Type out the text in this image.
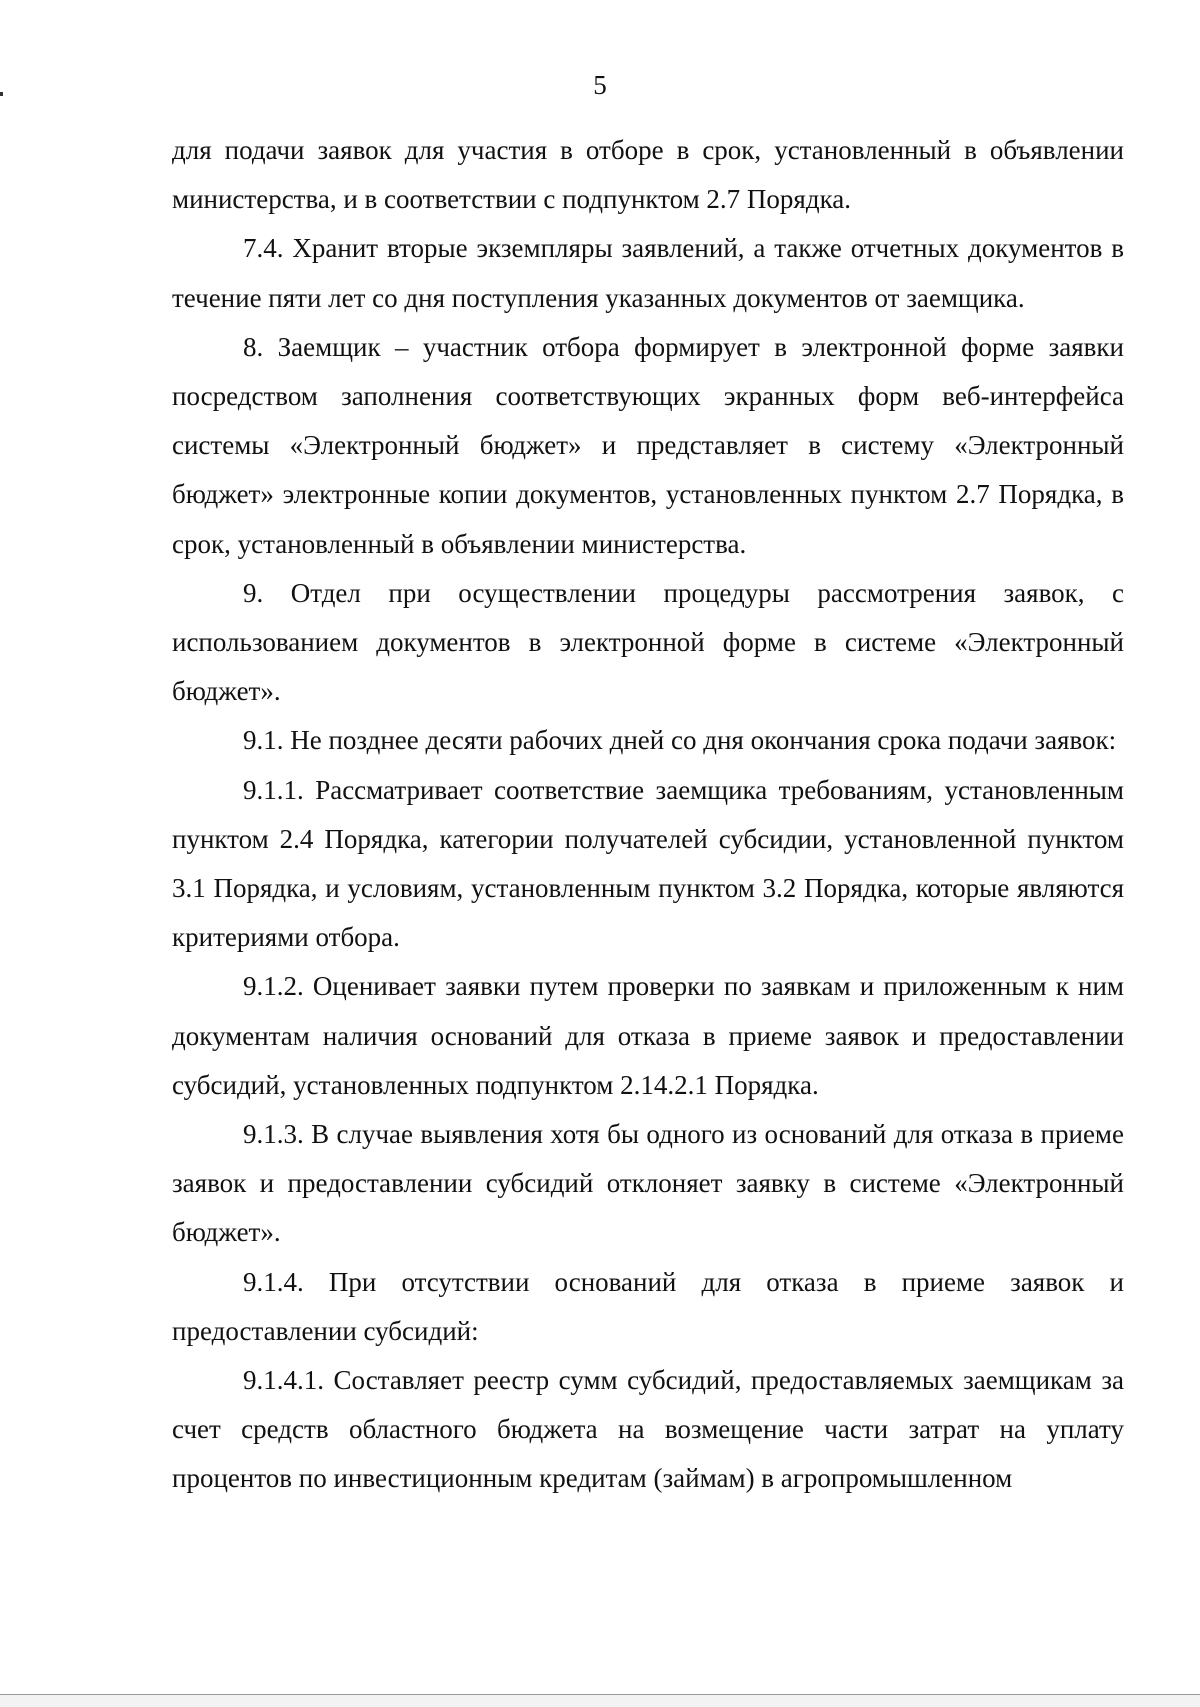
5

для подачи заявок для участия в отборе в срок, установленный в объявлении министерства, и в соответствии с подпунктом 2.7 Порядка.

7.4. Хранит вторые экземпляры заявлений, а также отчетных документов в течение пяти лет со дня поступления указанных документов от заемщика.

8. Заемщик – участник отбора формирует в электронной форме заявки посредством заполнения соответствующих экранных форм веб-интерфейса системы «Электронный бюджет» и представляет в систему «Электронный бюджет» электронные копии документов, установленных пунктом 2.7 Порядка, в срок, установленный в объявлении министерства.

9. Отдел при осуществлении процедуры рассмотрения заявок, с использованием документов в электронной форме в системе «Электронный бюджет».

9.1. Не позднее десяти рабочих дней со дня окончания срока подачи заявок:

9.1.1. Рассматривает соответствие заемщика требованиям, установленным пунктом 2.4 Порядка, категории получателей субсидии, установленной пунктом 3.1 Порядка, и условиям, установленным пунктом 3.2 Порядка, которые являются критериями отбора.

9.1.2. Оценивает заявки путем проверки по заявкам и приложенным к ним документам наличия оснований для отказа в приеме заявок и предоставлении субсидий, установленных подпунктом 2.14.2.1 Порядка.

9.1.3. В случае выявления хотя бы одного из оснований для отказа в приеме заявок и предоставлении субсидий отклоняет заявку в системе «Электронный бюджет».

9.1.4. При отсутствии оснований для отказа в приеме заявок и предоставлении субсидий:

9.1.4.1. Составляет реестр сумм субсидий, предоставляемых заемщикам за счет средств областного бюджета на возмещение части затрат на уплату процентов по инвестиционным кредитам (займам) в агропромышленном
